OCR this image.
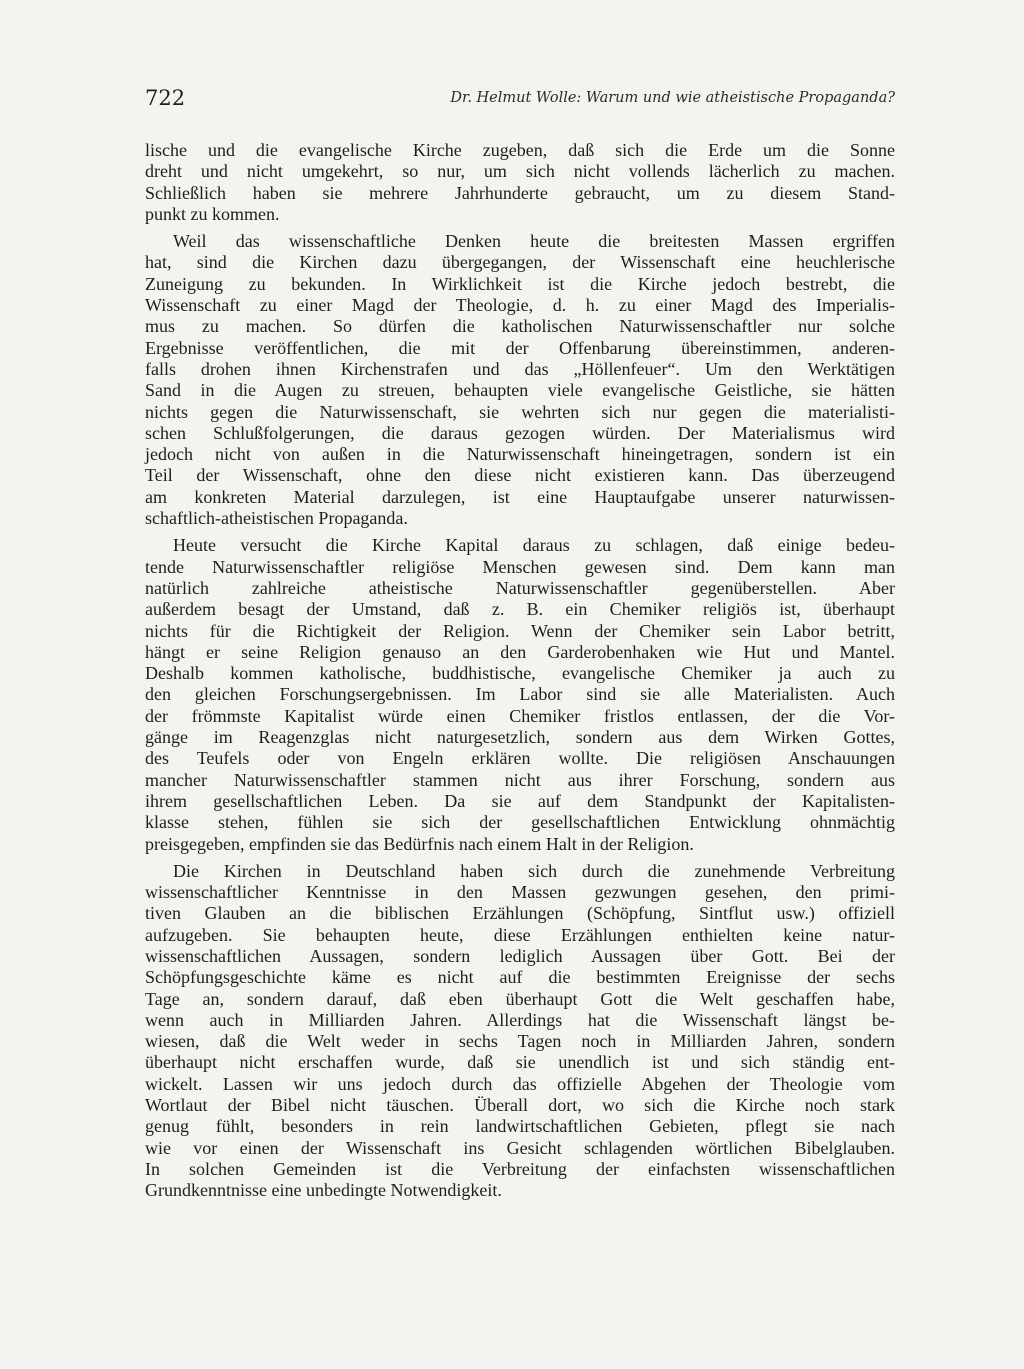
722	Dr. Helmut Wolle: Warum und wie atheistische Propaganda?
lische und die evangelische Kirche zugeben, daß sich die Erde um die Sonne
dreht und nicht umgekehrt, so nur, um sich nicht vollends lächerlich zu machen.
Schließlich haben sie mehrere Jahrhunderte gebraucht, um zu diesem Stand-
punkt zu kommen.
Weil das wissenschaftliche Denken heute die breitesten Massen ergriffen
hat, sind die Kirchen dazu übergegangen, der Wissenschaft eine heuchlerische
Zuneigung zu bekunden. In Wirklichkeit ist die Kirche jedoch bestrebt, die
Wissenschaft zu einer Magd der Theologie, d. h. zu einer Magd des Imperialis-
mus zu machen. So dürfen die katholischen Naturwissenschaftler nur solche
Ergebnisse veröffentlichen, die mit der Offenbarung übereinstimmen, anderen-
falls drohen ihnen Kirchenstrafen und das „Höllenfeuer“. Um den Werktätigen
Sand in die Augen zu streuen, behaupten viele evangelische Geistliche, sie hätten
nichts gegen die Naturwissenschaft, sie wehrten sich nur gegen die materialisti-
schen Schlußfolgerungen, die daraus gezogen würden. Der Materialismus wird
jedoch nicht von außen in die Naturwissenschaft hineingetragen, sondern ist ein
Teil der Wissenschaft, ohne den diese nicht existieren kann. Das überzeugend
am konkreten Material darzulegen, ist eine Hauptaufgabe unserer naturwissen-
schaftlich-atheistischen Propaganda.
Heute versucht die Kirche Kapital daraus zu schlagen, daß einige bedeu-
tende Naturwissenschaftler religiöse Menschen gewesen sind. Dem kann man
natürlich zahlreiche atheistische Naturwissenschaftler gegenüberstellen. Aber
außerdem besagt der Umstand, daß z. B. ein Chemiker religiös ist, überhaupt
nichts für die Richtigkeit der Religion. Wenn der Chemiker sein Labor betritt,
hängt er seine Religion genauso an den Garderobenhaken wie Hut und Mantel.
Deshalb kommen katholische, buddhistische, evangelische Chemiker ja auch zu
den gleichen Forschungsergebnissen. Im Labor sind sie alle Materialisten. Auch
der frömmste Kapitalist würde einen Chemiker fristlos entlassen, der die Vor-
gänge im Reagenzglas nicht naturgesetzlich, sondern aus dem Wirken Gottes,
des Teufels oder von Engeln erklären wollte. Die religiösen Anschauungen
mancher Naturwissenschaftler stammen nicht aus ihrer Forschung, sondern aus
ihrem gesellschaftlichen Leben. Da sie auf dem Standpunkt der Kapitalisten-
klasse stehen, fühlen sie sich der gesellschaftlichen Entwicklung ohnmächtig
preisgegeben, empfinden sie das Bedürfnis nach einem Halt in der Religion.
Die Kirchen in Deutschland haben sich durch die zunehmende Verbreitung
wissenschaftlicher Kenntnisse in den Massen gezwungen gesehen, den primi-
tiven Glauben an die biblischen Erzählungen (Schöpfung, Sintflut usw.) offiziell
aufzugeben. Sie behaupten heute, diese Erzählungen enthielten keine natur-
wissenschaftlichen Aussagen, sondern lediglich Aussagen über Gott. Bei der
Schöpfungsgeschichte käme es nicht auf die bestimmten Ereignisse der sechs
Tage an, sondern darauf, daß eben überhaupt Gott die Welt geschaffen habe,
wenn auch in Milliarden Jahren. Allerdings hat die Wissenschaft längst be-
wiesen, daß die Welt weder in sechs Tagen noch in Milliarden Jahren, sondern
überhaupt nicht erschaffen wurde, daß sie unendlich ist und sich ständig ent-
wickelt. Lassen wir uns jedoch durch das offizielle Abgehen der Theologie vom
Wortlaut der Bibel nicht täuschen. Überall dort, wo sich die Kirche noch stark
genug fühlt, besonders in rein landwirtschaftlichen Gebieten, pflegt sie nach
wie vor einen der Wissenschaft ins Gesicht schlagenden wörtlichen Bibelglauben.
In solchen Gemeinden ist die Verbreitung der einfachsten wissenschaftlichen
Grundkenntnisse eine unbedingte Notwendigkeit.
